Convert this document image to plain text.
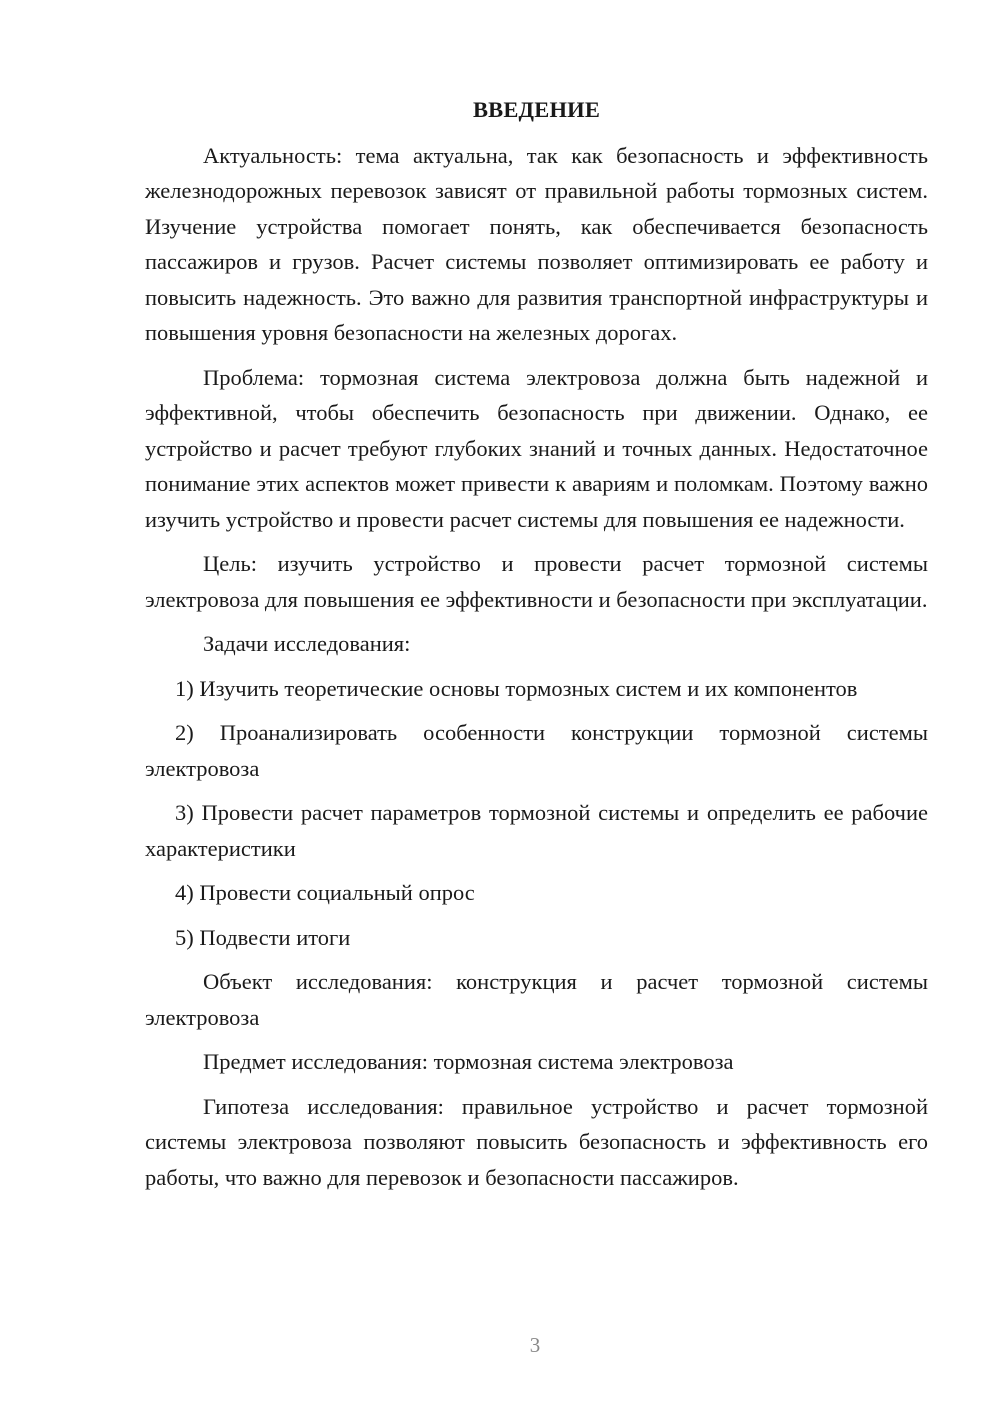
ВВЕДЕНИЕ

Актуальность: тема актуальна, так как безопасность и эффективность железнодорожных перевозок зависят от правильной работы тормозных систем. Изучение устройства помогает понять, как обеспечивается безопасность пассажиров и грузов. Расчет системы позволяет оптимизировать ее работу и повысить надежность. Это важно для развития транспортной инфраструктуры и повышения уровня безопасности на железных дорогах.

Проблема: тормозная система электровоза должна быть надежной и эффективной, чтобы обеспечить безопасность при движении. Однако, ее устройство и расчет требуют глубоких знаний и точных данных. Недостаточное понимание этих аспектов может привести к авариям и поломкам. Поэтому важно изучить устройство и провести расчет системы для повышения ее надежности.

Цель: изучить устройство и провести расчет тормозной системы электровоза для повышения ее эффективности и безопасности при эксплуатации.

Задачи исследования:

1) Изучить теоретические основы тормозных систем и их компонентов

2) Проанализировать особенности конструкции тормозной системы электровоза

3) Провести расчет параметров тормозной системы и определить ее рабочие характеристики

4) Провести социальный опрос

5) Подвести итоги

Объект исследования: конструкция и расчет тормозной системы электровоза

Предмет исследования: тормозная система электровоза

Гипотеза исследования: правильное устройство и расчет тормозной системы электровоза позволяют повысить безопасность и эффективность его работы, что важно для перевозок и безопасности пассажиров.

3
